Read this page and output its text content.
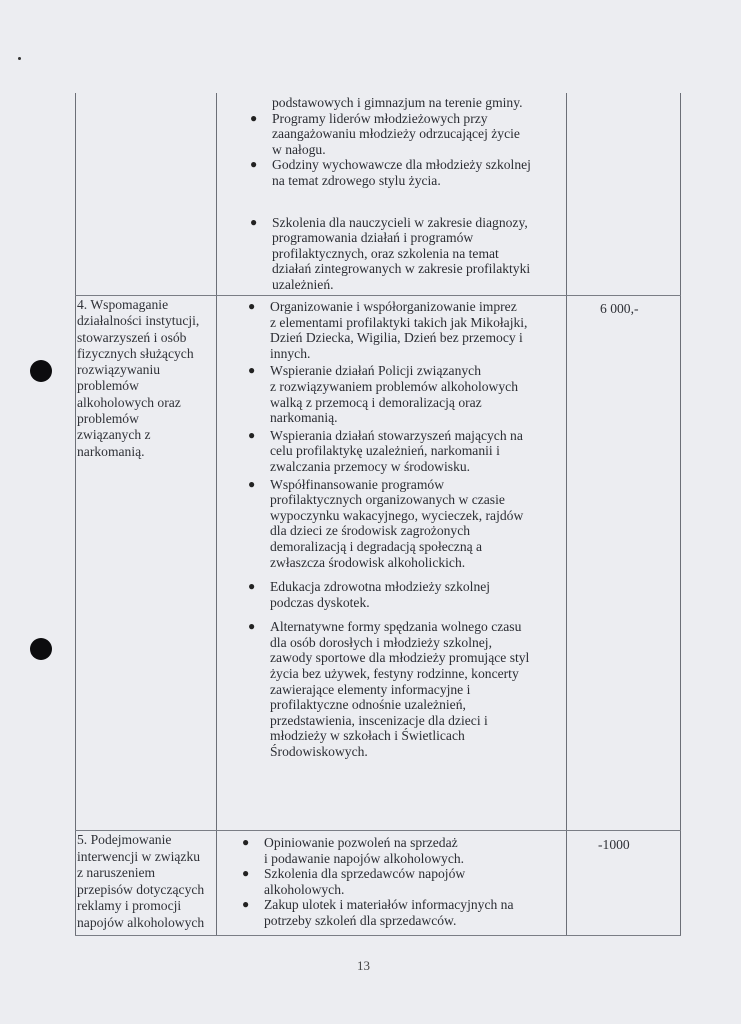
podstawowych i gimnazjum na terenie gminy.
● Programy liderów młodzieżowych przy
zaangażowaniu młodzieży odrzucającej życie
w nałogu.
● Godziny wychowawcze dla młodzieży szkolnej
na temat zdrowego stylu życia.
● Szkolenia dla nauczycieli w zakresie diagnozy,
programowania działań i programów
profilaktycznych, oraz szkolenia na temat
działań zintegrowanych w zakresie profilaktyki
uzależnień.
4. Wspomaganie
działalności instytucji,
stowarzyszeń i osób
fizycznych służących
rozwiązywaniu
problemów
alkoholowych oraz
problemów
związanych z
narkomanią.
● Organizowanie i współorganizowanie imprez
z elementami profilaktyki takich jak Mikołajki,
Dzień Dziecka, Wigilia, Dzień bez przemocy i
innych.
● Wspieranie działań Policji związanych
z rozwiązywaniem problemów alkoholowych
walką z przemocą i demoralizacją oraz
narkomanią.
● Wspierania działań stowarzyszeń mających na
celu profilaktykę uzależnień, narkomanii i
zwalczania przemocy w środowisku.
● Współfinansowanie programów
profilaktycznych organizowanych w czasie
wypoczynku wakacyjnego, wycieczek, rajdów
dla dzieci ze środowisk zagrożonych
demoralizacją i degradacją społeczną a
zwłaszcza środowisk alkoholickich.
● Edukacja zdrowotna młodzieży szkolnej
podczas dyskotek.
● Alternatywne formy spędzania wolnego czasu
dla osób dorosłych i młodzieży szkolnej,
zawody sportowe dla młodzieży promujące styl
życia bez używek, festyny rodzinne, koncerty
zawierające elementy informacyjne i
profilaktyczne odnośnie uzależnień,
przedstawienia, inscenizacje dla dzieci i
młodzieży w szkołach i Świetlicach
Środowiskowych.
6 000,-
5. Podejmowanie
interwencji w związku
z naruszeniem
przepisów dotyczących
reklamy i promocji
napojów alkoholowych
● Opiniowanie pozwoleń na sprzedaż
i podawanie napojów alkoholowych.
● Szkolenia dla sprzedawców napojów
alkoholowych.
● Zakup ulotek i materiałów informacyjnych na
potrzeby szkoleń dla sprzedawców.
-1000
13
